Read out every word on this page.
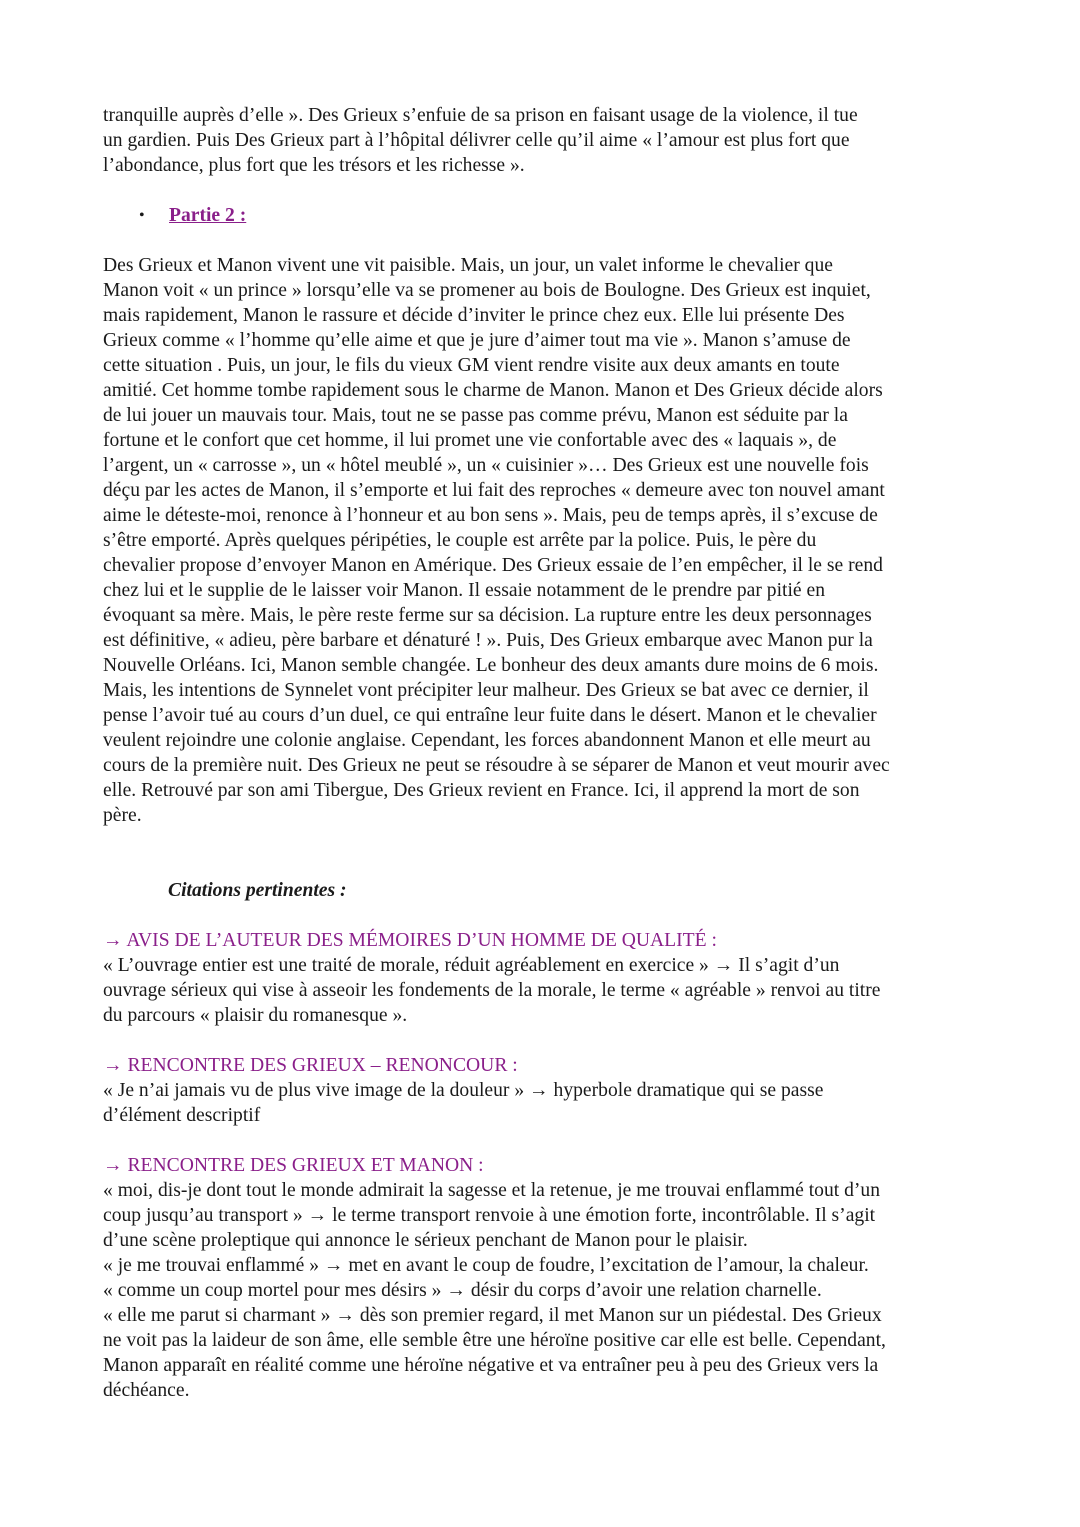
tranquille auprès d’elle ». Des Grieux s’enfuie de sa prison en faisant usage de la violence, il tue

un gardien. Puis Des Grieux part à l’hôpital délivrer celle qu’il aime « l’amour est plus fort que

l’abondance, plus fort que les trésors et les richesse ».

•	Partie 2 :

Des Grieux et Manon vivent une vit paisible. Mais, un jour, un valet informe le chevalier que

Manon voit « un prince » lorsqu’elle va se promener au bois de Boulogne. Des Grieux est inquiet,

mais rapidement, Manon le rassure et décide d’inviter le prince chez eux. Elle lui présente Des

Grieux comme « l’homme qu’elle aime et que je jure d’aimer tout ma vie ». Manon s’amuse de

cette situation . Puis, un jour, le fils du vieux GM vient rendre visite aux deux amants en toute

amitié. Cet homme tombe rapidement sous le charme de Manon. Manon et Des Grieux décide alors

de lui jouer un mauvais tour. Mais, tout ne se passe pas comme prévu, Manon est séduite par la

fortune et le confort que cet homme, il lui promet une vie confortable avec des « laquais », de

l’argent, un « carrosse », un « hôtel meublé », un « cuisinier »… Des Grieux est une nouvelle fois

déçu par les actes de Manon, il s’emporte et lui fait des reproches « demeure avec ton nouvel amant

aime le déteste-moi, renonce à l’honneur et au bon sens ». Mais, peu de temps après, il s’excuse de

s’être emporté. Après quelques péripéties, le couple est arrête par la police. Puis, le père du

chevalier propose d’envoyer Manon en Amérique. Des Grieux essaie de l’en empêcher, il le se rend

chez lui et le supplie de le laisser voir Manon. Il essaie notamment de le prendre par pitié en

évoquant sa mère. Mais, le père reste ferme sur sa décision. La rupture entre les deux personnages

est définitive, « adieu, père barbare et dénaturé ! ». Puis, Des Grieux embarque avec Manon pur la

Nouvelle Orléans. Ici, Manon semble changée. Le bonheur des deux amants dure moins de 6 mois.

Mais, les intentions de Synnelet vont précipiter leur malheur. Des Grieux se bat avec ce dernier, il

pense l’avoir tué au cours d’un duel, ce qui entraîne leur fuite dans le désert. Manon et le chevalier

veulent rejoindre une colonie anglaise. Cependant, les forces abandonnent Manon et elle meurt au

cours de la première nuit. Des Grieux ne peut se résoudre à se séparer de Manon et veut mourir avec

elle. Retrouvé par son ami Tibergue, Des Grieux revient en France. Ici, il apprend la mort de son

père.

Citations pertinentes :

→ AVIS DE L’AUTEUR DES MÉMOIRES D’UN HOMME DE QUALITÉ :

« L’ouvrage entier est une traité de morale, réduit agréablement en exercice » → Il s’agit d’un

ouvrage sérieux qui vise à asseoir les fondements de la morale, le terme « agréable » renvoi au titre

du parcours « plaisir du romanesque ».

→ RENCONTRE DES GRIEUX – RENONCOUR :

« Je n’ai jamais vu de plus vive image de la douleur » → hyperbole dramatique qui se passe

d’élément descriptif

→ RENCONTRE DES GRIEUX ET MANON :

« moi, dis-je dont tout le monde admirait la sagesse et la retenue, je me trouvai enflammé tout d’un

coup jusqu’au transport » → le terme transport renvoie à une émotion forte, incontrôlable. Il s’agit

d’une scène proleptique qui annonce le sérieux penchant de Manon pour le plaisir.

« je me trouvai enflammé » → met en avant le coup de foudre, l’excitation de l’amour, la chaleur.

« comme un coup mortel pour mes désirs » → désir du corps d’avoir une relation charnelle.

« elle me parut si charmant » → dès son premier regard, il met Manon sur un piédestal. Des Grieux

ne voit pas la laideur de son âme, elle semble être une héroïne positive car elle est belle. Cependant,

Manon apparaît en réalité comme une héroïne négative et va entraîner peu à peu des Grieux vers la

déchéance.
